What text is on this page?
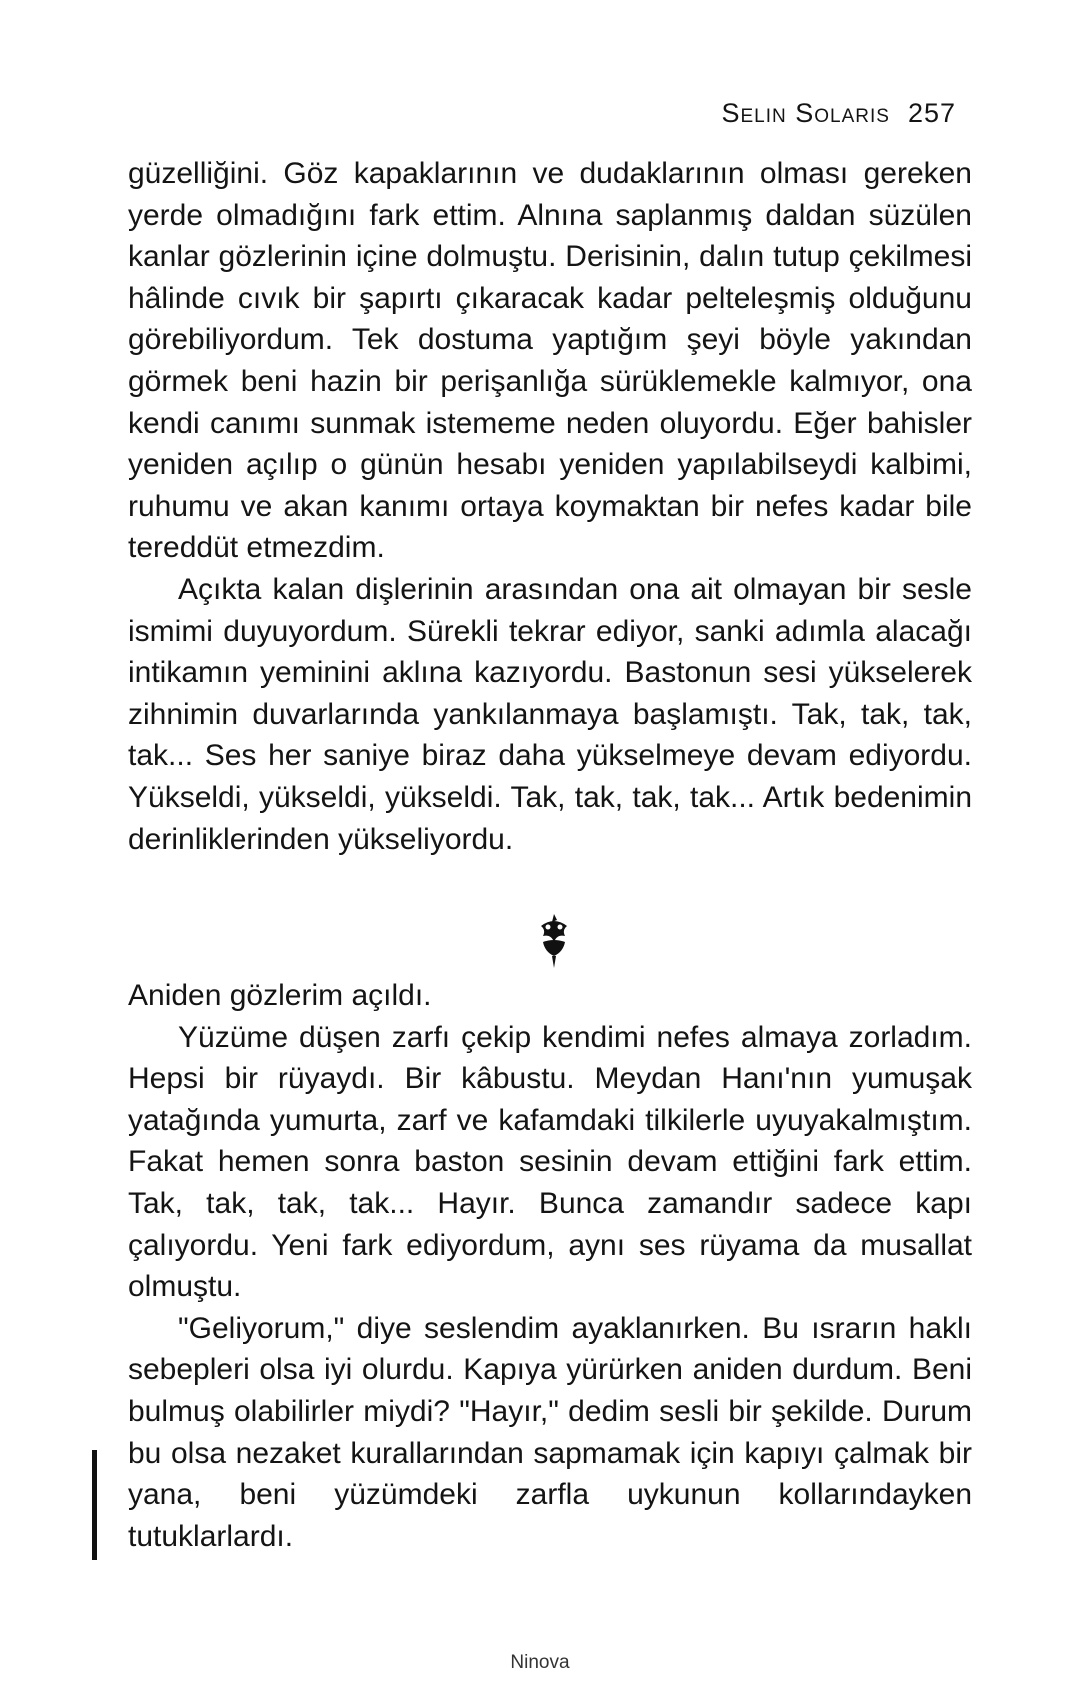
Selin Solaris 257

güzelliğini. Göz kapaklarının ve dudaklarının olması gereken yerde olmadığını fark ettim. Alnına saplanmış daldan süzülen kanlar gözlerinin içine dolmuştu. Derisinin, dalın tutup çekilmesi hâlinde cıvık bir şapırtı çıkaracak kadar pelteleşmiş olduğunu görebiliyordum. Tek dostuma yaptığım şeyi böyle yakından görmek beni hazin bir perişanlığa sürüklemekle kalmıyor, ona kendi canımı sunmak istememe neden oluyordu. Eğer bahisler yeniden açılıp o günün hesabı yeniden yapılabilseydi kalbimi, ruhumu ve akan kanımı ortaya koymaktan bir nefes kadar bile tereddüt etmezdim.

Açıkta kalan dişlerinin arasından ona ait olmayan bir sesle ismimi duyuyordum. Sürekli tekrar ediyor, sanki adımla alacağı intikamın yeminini aklına kazıyordu. Bastonun sesi yükselerek zihnimin duvarlarında yankılanmaya başlamıştı. Tak, tak, tak, tak... Ses her saniye biraz daha yükselmeye devam ediyordu. Yükseldi, yükseldi, yükseldi. Tak, tak, tak, tak... Artık bedenimin derinliklerinden yükseliyordu.

Aniden gözlerim açıldı.

Yüzüme düşen zarfı çekip kendimi nefes almaya zorladım. Hepsi bir rüyaydı. Bir kâbustu. Meydan Hanı'nın yumuşak yatağında yumurta, zarf ve kafamdaki tilkilerle uyuyakalmıştım. Fakat hemen sonra baston sesinin devam ettiğini fark ettim. Tak, tak, tak, tak... Hayır. Bunca zamandır sadece kapı çalıyordu. Yeni fark ediyordum, aynı ses rüyama da musallat olmuştu.

"Geliyorum," diye seslendim ayaklanırken. Bu ısrarın haklı sebepleri olsa iyi olurdu. Kapıya yürürken aniden durdum. Beni bulmuş olabilirler miydi? "Hayır," dedim sesli bir şekilde. Durum bu olsa nezaket kurallarından sapmamak için kapıyı çalmak bir yana, beni yüzümdeki zarfla uykunun kollarındayken tutuklarlardı.

Ninova
